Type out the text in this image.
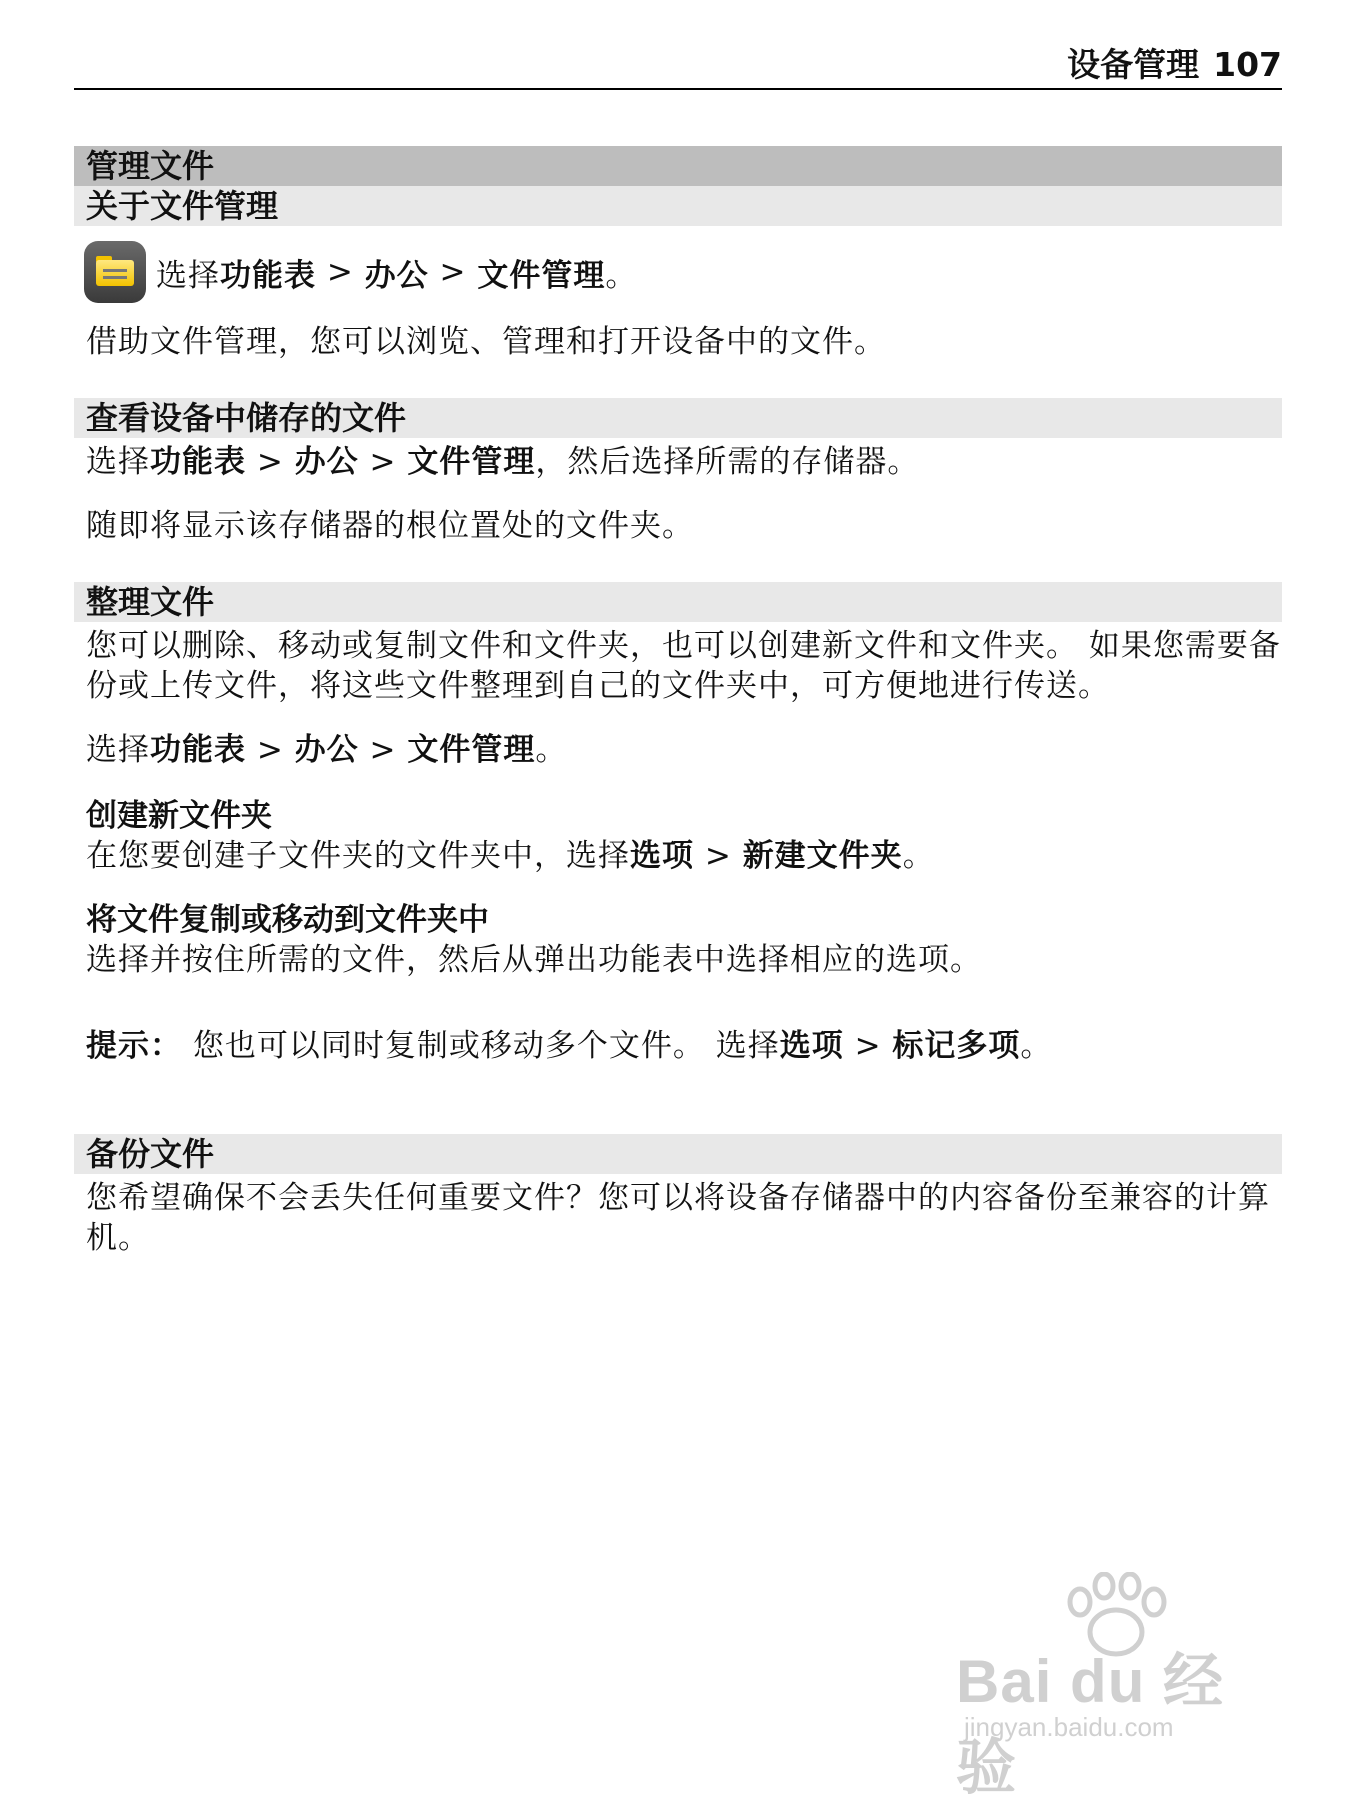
设备管理 107
管理文件
关于文件管理
选择 功能表 > 办公 > 文件管理 。

借助文件管理，您可以浏览、管理和打开设备中的文件。

查看设备中储存的文件

选择功能表 > 办公 > 文件管理，然后选择所需的存储器。

随即将显示该存储器的根位置处的文件夹。

整理文件

您可以删除、移动或复制文件和文件夹，也可以创建新文件和文件夹。 如果您需要备份或上传文件，将这些文件整理到自己的文件夹中，可方便地进行传送。

选择功能表 > 办公 > 文件管理。

创建新文件夹

在您要创建子文件夹的文件夹中，选择选项 > 新建文件夹。

将文件复制或移动到文件夹中

选择并按住所需的文件，然后从弹出功能表中选择相应的选项。

提示： 您也可以同时复制或移动多个文件。 选择选项 > 标记多项。

备份文件

您希望确保不会丢失任何重要文件？您可以将设备存储器中的内容备份至兼容的计算机。

Bai du 经验
jingyan.baidu.com
